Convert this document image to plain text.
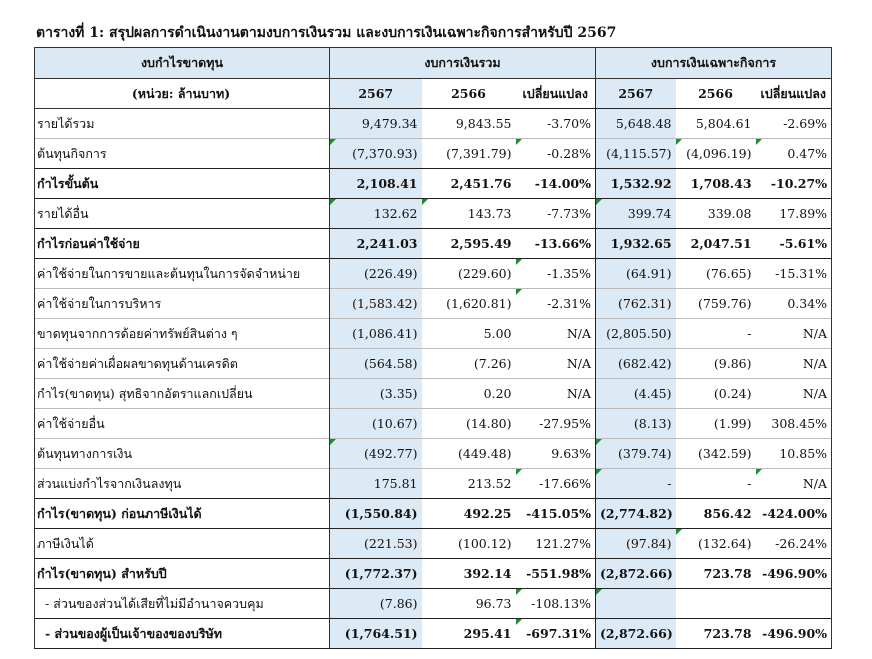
ตารางที่ 1: สรุปผลการดำเนินงานตามงบการเงินรวม และงบการเงินเฉพาะกิจการสำหรับปี 2567
งบกำไรขาดทุน	งบการเงินรวม			งบการเงินเฉพาะกิจการ		
(หน่วย: ล้านบาท)	2567	2566	เปลี่ยนแปลง	2567	2566	เปลี่ยนแปลง
รายได้รวม	9,479.34	9,843.55	-3.70%	5,648.48	5,804.61	-2.69%
ต้นทุนกิจการ	(7,370.93)	(7,391.79)	-0.28%	(4,115.57)	(4,096.19)	0.47%

กำไรขั้นต้น	2,108.41	2,451.76	-14.00%	1,532.92	1,708.43	-10.27%
รายได้อื่น	132.62	143.73	-7.73%	399.74	339.08	17.89%
กำไรก่อนค่าใช้จ่าย	2,241.03	2,595.49	-13.66%	1,932.65	2,047.51	-5.61%
ค่าใช้จ่ายในการขายและต้นทุนในการจัดจำหน่าย	(226.49)	(229.60)	-1.35%	(64.91)	(76.65)	-15.31%
ค่าใช้จ่ายในการบริหาร	(1,583.42)	(1,620.81)	-2.31%	(762.31)	(759.76)	0.34%
ขาดทุนจากการด้อยค่าทรัพย์สินต่าง ๆ	(1,086.41)	5.00	N/A	(2,805.50)	-	N/A
ค่าใช้จ่ายค่าเผื่อผลขาดทุนด้านเครดิต	(564.58)	(7.26)	N/A	(682.42)	(9.86)	N/A
กำไร(ขาดทุน) สุทธิจากอัตราแลกเปลี่ยน	(3.35)	0.20	N/A	(4.45)	(0.24)	N/A
ค่าใช้จ่ายอื่น	(10.67)	(14.80)	-27.95%	(8.13)	(1.99)	308.45%
ต้นทุนทางการเงิน	(492.77)	(449.48)	9.63%	(379.74)	(342.59)	10.85%
ส่วนแบ่งกำไรจากเงินลงทุน	175.81	213.52	-17.66%	-	-	N/A

กำไร(ขาดทุน) ก่อนภาษีเงินได้	(1,550.84)	492.25	-415.05%	(2,774.82)	856.42	-424.00%
ภาษีเงินได้	(221.53)	(100.12)	121.27%	(97.84)	(132.64)	-26.24%
กำไร(ขาดทุน) สำหรับปี	(1,772.37)	392.14	-551.98%	(2,872.66)	723.78	-496.90%
- ส่วนของส่วนได้เสียที่ไม่มีอำนาจควบคุม	(7.86)	96.73	-108.13%

- ส่วนของผู้เป็นเจ้าของของบริษัท	(1,764.51)	295.41	-697.31%	(2,872.66)	723.78	-496.90%
